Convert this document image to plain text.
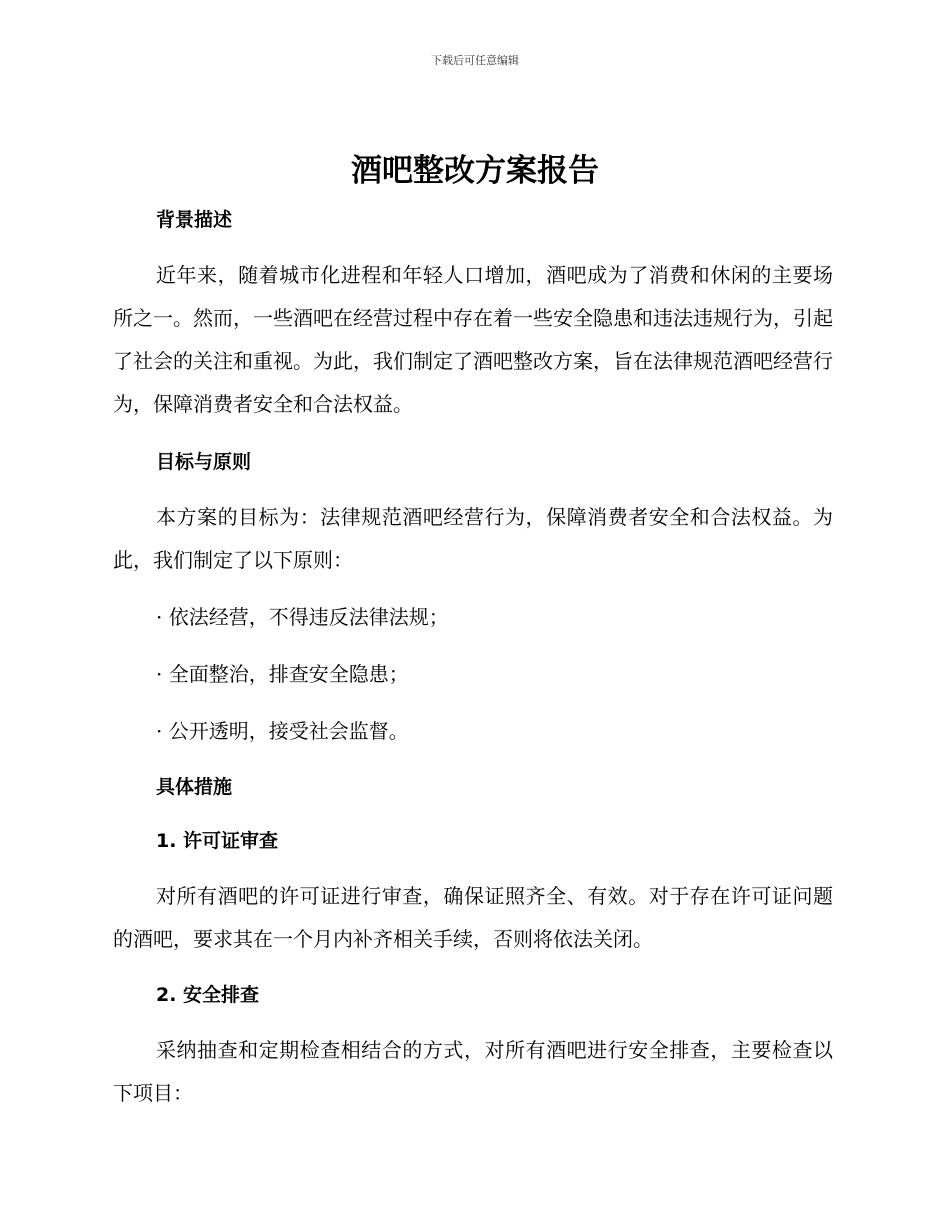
下载后可任意编辑
酒吧整改方案报告
背景描述

近年来，随着城市化进程和年轻人口增加，酒吧成为了消费和休闲的主要场所之一。然而，一些酒吧在经营过程中存在着一些安全隐患和违法违规行为，引起了社会的关注和重视。为此，我们制定了酒吧整改方案，旨在法律规范酒吧经营行为，保障消费者安全和合法权益。

目标与原则

本方案的目标为：法律规范酒吧经营行为，保障消费者安全和合法权益。为此，我们制定了以下原则：

· 依法经营，不得违反法律法规；

· 全面整治，排查安全隐患；

· 公开透明，接受社会监督。

具体措施
1. 许可证审查

对所有酒吧的许可证进行审查，确保证照齐全、有效。对于存在许可证问题的酒吧，要求其在一个月内补齐相关手续，否则将依法关闭。

2. 安全排查

采纳抽查和定期检查相结合的方式，对所有酒吧进行安全排查，主要检查以下项目：
